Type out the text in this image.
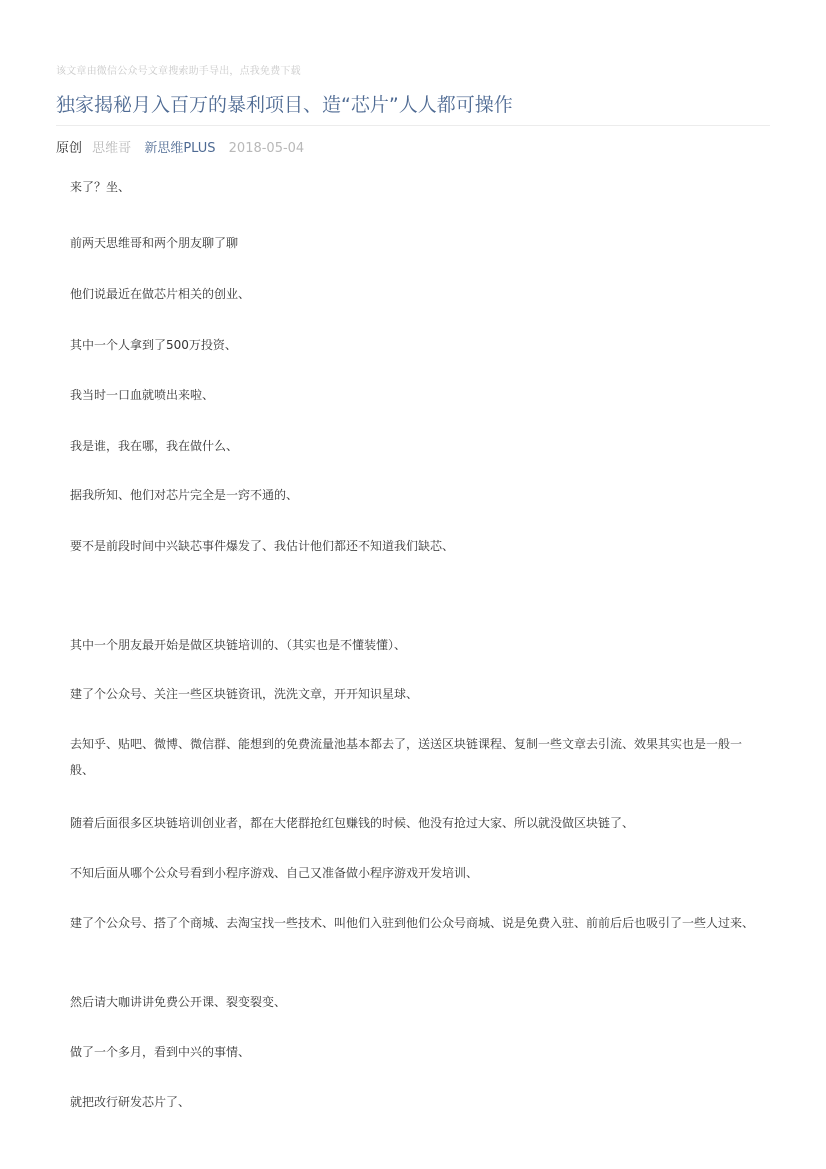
该文章由微信公众号文章搜索助手导出，点我免费下载
独家揭秘月入百万的暴利项目、造“芯片”人人都可操作
原创 思维哥 新思维PLUS 2018-05-04

来了？坐、

前两天思维哥和两个朋友聊了聊

他们说最近在做芯片相关的创业、

其中一个人拿到了500万投资、

我当时一口血就喷出来啦、

我是谁，我在哪，我在做什么、

据我所知、他们对芯片完全是一窍不通的、

要不是前段时间中兴缺芯事件爆发了、我估计他们都还不知道我们缺芯、

其中一个朋友最开始是做区块链培训的、（其实也是不懂装懂）、

建了个公众号、关注一些区块链资讯，洗洗文章，开开知识星球、

去知乎、贴吧、微博、微信群、能想到的免费流量池基本都去了，送送区块链课程、复制一些文章去引流、效果其实也是一般一般、

随着后面很多区块链培训创业者，都在大佬群抢红包赚钱的时候、他没有抢过大家、所以就没做区块链了、

不知后面从哪个公众号看到小程序游戏、自己又准备做小程序游戏开发培训、

建了个公众号、搭了个商城、去淘宝找一些技术、叫他们入驻到他们公众号商城、说是免费入驻、前前后后也吸引了一些人过来、

然后请大咖讲讲免费公开课、裂变裂变、

做了一个多月，看到中兴的事情、

就把改行研发芯片了、
